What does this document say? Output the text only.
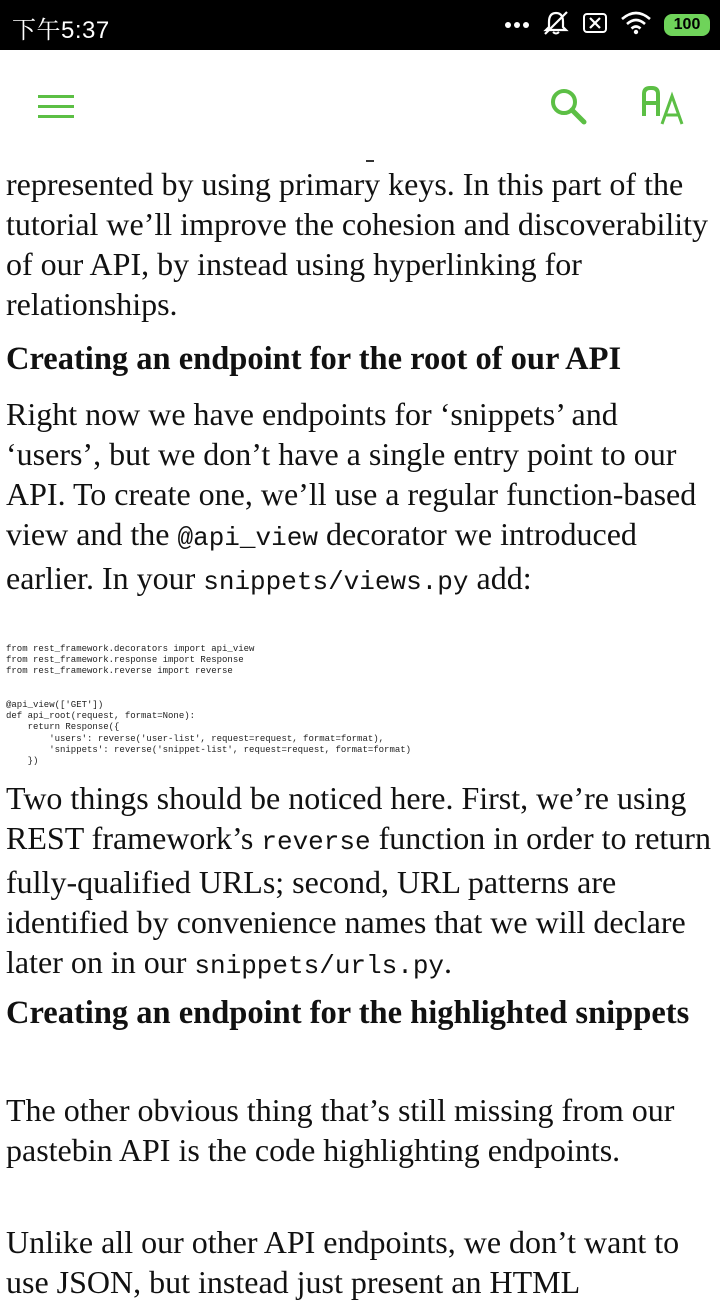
下午5:37	100

represented by using primary keys. In this part of the tutorial we’ll improve the cohesion and discoverability of our API, by instead using hyperlinking for relationships.

Creating an endpoint for the root of our API

Right now we have endpoints for ‘snippets’ and ‘users’, but we don’t have a single entry point to our API. To create one, we’ll use a regular function-based view and the @api_view decorator we introduced earlier. In your snippets/views.py add:

from rest_framework.decorators import api_view
from rest_framework.response import Response
from rest_framework.reverse import reverse

@api_view(['GET'])
def api_root(request, format=None):
return Response({
'users': reverse('user-list', request=request, format=format),
'snippets': reverse('snippet-list', request=request, format=format)
})

Two things should be noticed here. First, we’re using REST framework’s reverse function in order to return fully-qualified URLs; second, URL patterns are identified by convenience names that we will declare later on in our snippets/urls.py.

Creating an endpoint for the highlighted snippets

The other obvious thing that’s still missing from our pastebin API is the code highlighting endpoints.

Unlike all our other API endpoints, we don’t want to use JSON, but instead just present an HTML
